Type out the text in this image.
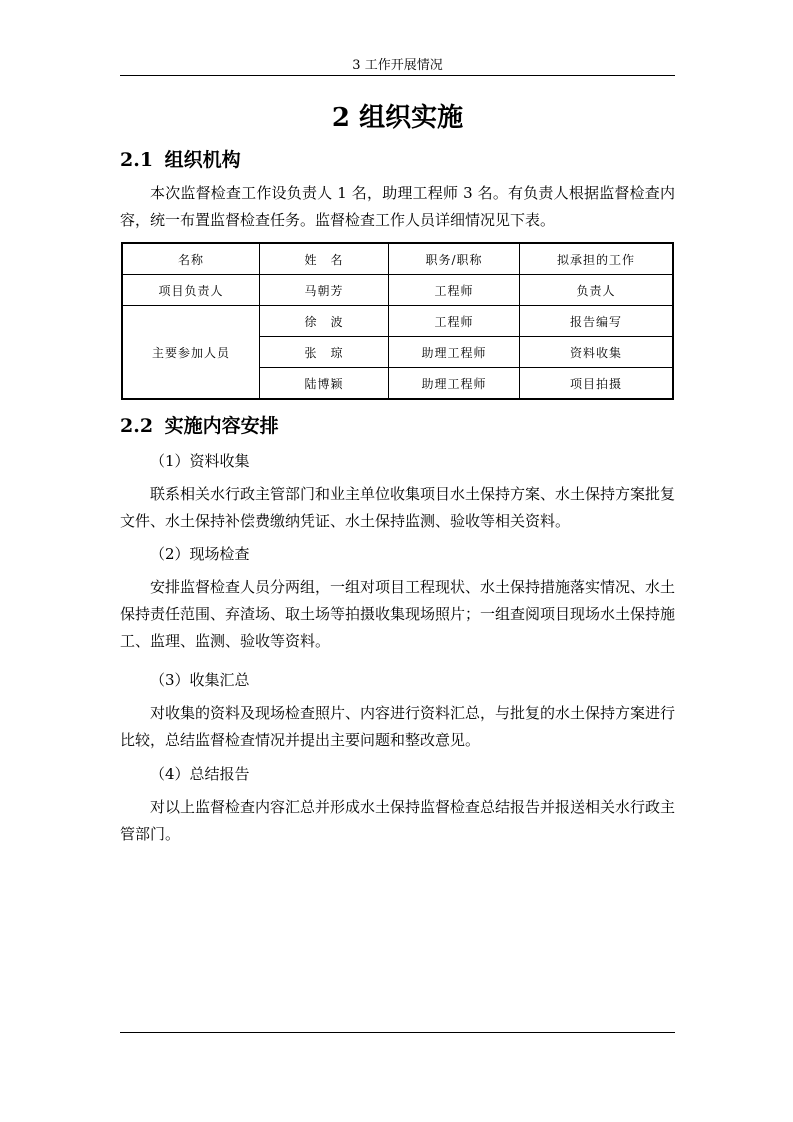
3 工作开展情况
2 组织实施
2.1 组织机构

本次监督检查工作设负责人 1 名，助理工程师 3 名。有负责人根据监督检查内容，统一布置监督检查任务。监督检查工作人员详细情况见下表。

名称	姓　名	职务/职称	拟承担的工作
项目负责人	马朝芳	工程师	负责人
主要参加人员	徐　波	工程师	报告编写
	张　琼	助理工程师	资料收集
	陆博颖	助理工程师	项目拍摄
2.2 实施内容安排
（1）资料收集

联系相关水行政主管部门和业主单位收集项目水土保持方案、水土保持方案批复文件、水土保持补偿费缴纳凭证、水土保持监测、验收等相关资料。

（2）现场检查

安排监督检查人员分两组，一组对项目工程现状、水土保持措施落实情况、水土保持责任范围、弃渣场、取土场等拍摄收集现场照片；一组查阅项目现场水土保持施工、监理、监测、验收等资料。

（3）收集汇总

对收集的资料及现场检查照片、内容进行资料汇总，与批复的水土保持方案进行比较，总结监督检查情况并提出主要问题和整改意见。

（4）总结报告

对以上监督检查内容汇总并形成水土保持监督检查总结报告并报送相关水行政主管部门。
